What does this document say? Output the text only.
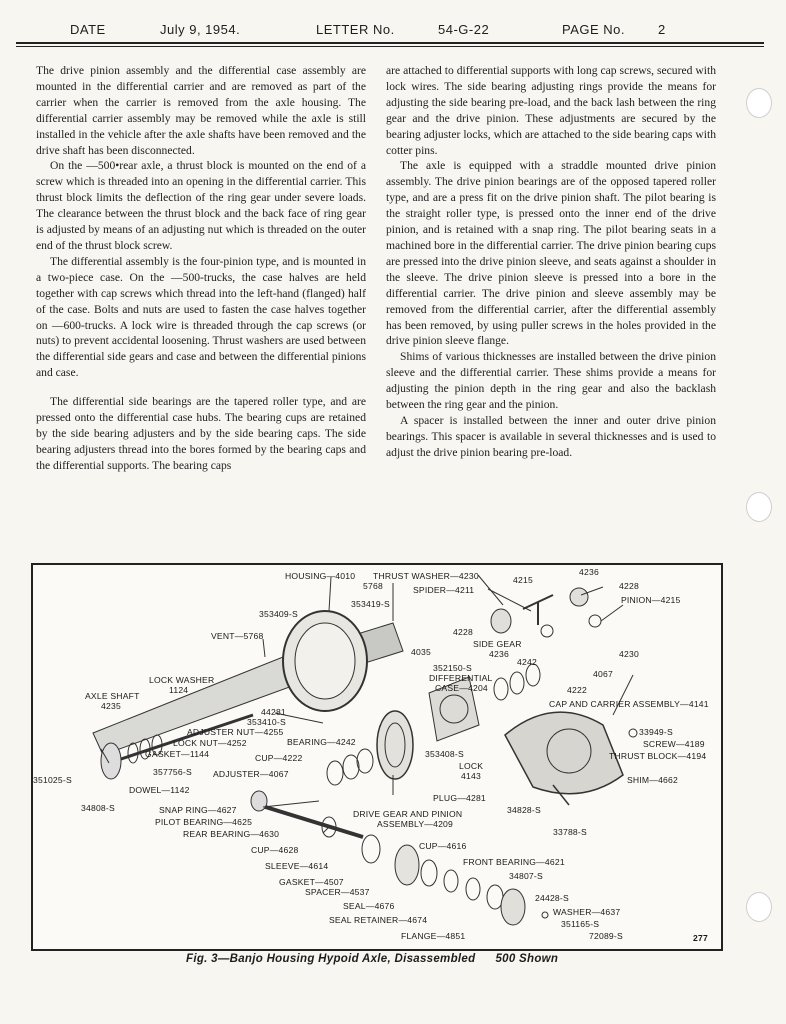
DATE	July 9, 1954.	LETTER No.	54-G-22	PAGE No.	2

The drive pinion assembly and the differential case assembly are mounted in the differential carrier and are removed as part of the carrier when the carrier is removed from the axle housing. The differential carrier assembly may be removed while the axle is still installed in the vehicle after the axle shafts have been removed and the drive shaft has been disconnected.

On the —500•rear axle, a thrust block is mounted on the end of a screw which is threaded into an opening in the differential carrier. This thrust block limits the deflection of the ring gear under severe loads. The clearance between the thrust block and the back face of ring gear is adjusted by means of an adjusting nut which is threaded on the outer end of the thrust block screw.

The differential assembly is the four-pinion type, and is mounted in a two-piece case. On the —500-trucks, the case halves are held together with cap screws which thread into the left-hand (flanged) half of the case. Bolts and nuts are used to fasten the case halves together on —600-trucks. A lock wire is threaded through the cap screws (or nuts) to prevent accidental loosening. Thrust washers are used between the differential side gears and case and between the differential pinions and case.

The differential side bearings are the tapered roller type, and are pressed onto the differential case hubs. The bearing cups are retained by the side bearing adjusters and by the side bearing caps. The side bearing adjusters thread into the bores formed by the bearing caps and the differential supports. The bearing caps

are attached to differential supports with long cap screws, secured with lock wires. The side bearing adjusting rings provide the means for adjusting the side bearing pre-load, and the back lash between the ring gear and the drive pinion. These adjustments are secured by the bearing adjuster locks, which are attached to the side bearing caps with cotter pins.

The axle is equipped with a straddle mounted drive pinion assembly. The drive pinion bearings are of the opposed tapered roller type, and are a press fit on the drive pinion shaft. The pilot bearing is the straight roller type, is pressed onto the inner end of the drive pinion, and is retained with a snap ring. The pilot bearing seats in a machined bore in the differential carrier. The drive pinion bearing cups are pressed into the drive pinion sleeve, and seats against a shoulder in the sleeve. The drive pinion sleeve is pressed into a bore in the differential carrier. The drive pinion and sleeve assembly may be removed from the differential carrier, after the differential assembly has been removed, by using puller screws in the holes provided in the drive pinion sleeve flange.

Shims of various thicknesses are installed between the drive pinion sleeve and the differential carrier. These shims provide a means for adjusting the pinion depth in the ring gear and also the backlash between the ring gear and the pinion.

A spacer is installed between the inner and outer drive pinion bearings. This spacer is available in several thicknesses and is used to adjust the drive pinion bearing pre-load.

HOUSING—4010 THRUST WASHER—4230
5768	SPIDER—4211
4215
4236
4228
PINION—4215
353409-S
353419-S
VENT—5768	4228
SIDE GEAR
4236
4035	4230
352150-S
4242
4067
DIFFERENTIAL
CASE—4204	4222
LOCK WASHER
1124
AXLE SHAFT
4235	CAP AND CARRIER ASSEMBLY—4141
44281
353410-S
ADJUSTER NUT—4255
LOCK NUT—4252
GASKET—1144
BEARING—4242
CUP—4222
33949-S
SCREW—4189
THRUST BLOCK—4194
353408-S
LOCK
4143
357756-S ADJUSTER—4067
351025-S
DOWEL—1142
SHIM—4662
34808-S
PLUG—4281
34828-S
SNAP RING—4627	DRIVE GEAR AND PINION
ASSEMBLY—4209
PILOT BEARING—4625
33788-S
REAR BEARING—4630
CUP—4628	CUP—4616
SLEEVE—4614	FRONT BEARING—4621
GASKET—4507
34807-S
SPACER—4537
24428-S
SEAL—4676
WASHER—4637
351165-S
SEAL RETAINER—4674
FLANGE—4851	72089-S	277
Fig. 3—Banjo Housing Hypoid Axle, Disassembled 500 Shown
